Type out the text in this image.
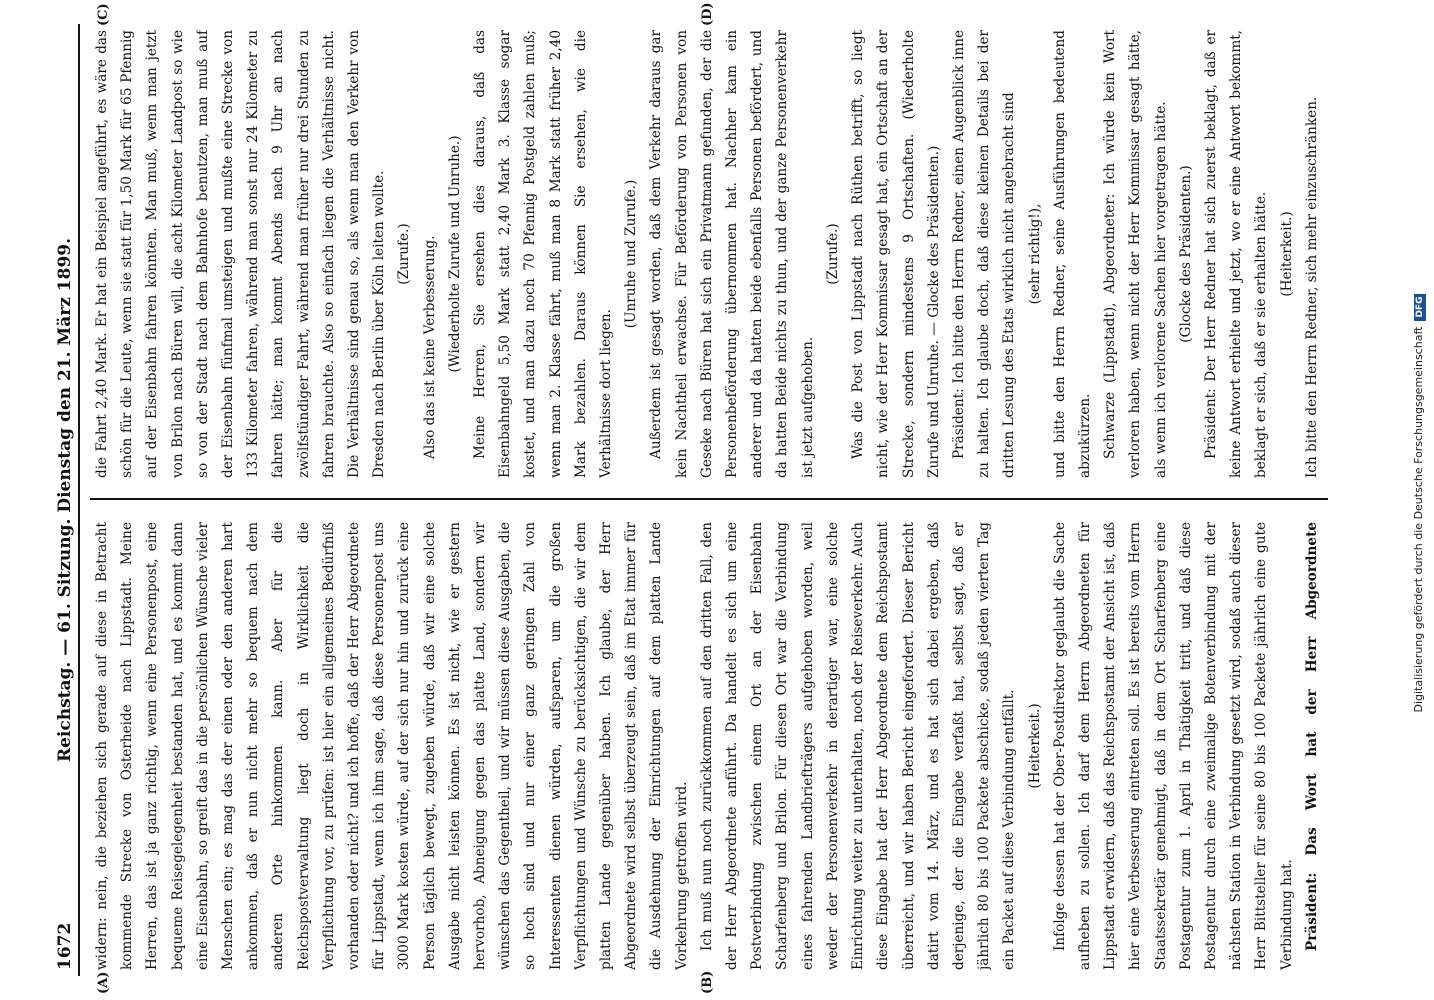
1672
Reichstag. — 61. Sitzung. Dienstag den 21. März 1899.
(A)	(B)
(C)	(D)

widern: nein, die beziehen sich gerade auf diese in Betracht kommende Strecke von Osterheide nach Lippstadt. Meine Herren, das ist ja ganz richtig, wenn eine Personenpost, eine bequeme Reisegelegenheit bestanden hat, und es kommt dann eine Eisenbahn, so greift das in die persönlichen Wünsche vieler Menschen ein; es mag das der einen oder den anderen hart ankommen, daß er nun nicht mehr so bequem nach dem anderen Orte hinkommen kann. Aber für die Reichspostverwaltung liegt doch in Wirklichkeit die Verpflichtung vor, zu prüfen: ist hier ein allgemeines Bedürfniß vorhanden oder nicht? und ich hoffe, daß der Herr Abgeordnete für Lippstadt, wenn ich ihm sage, daß diese Personenpost uns 3000 Mark kosten würde, auf der sich nur hin und zurück eine Person täglich bewegt, zugeben würde, daß wir eine solche Ausgabe nicht leisten können. Es ist nicht, wie er gestern hervorhob, Abneigung gegen das platte Land, sondern wir wünschen das Gegentheil, und wir müssen diese Ausgaben, die so hoch sind und nur einer ganz geringen Zahl von Interessenten dienen würden, aufsparen, um die großen Verpflichtungen und Wünsche zu berücksichtigen, die wir dem platten Lande gegenüber haben. Ich glaube, der Herr Abgeordnete wird selbst überzeugt sein, daß im Etat immer für die Ausdehnung der Einrichtungen auf dem platten Lande Vorkehrung getroffen wird. Ich muß nun noch zurückkommen auf den dritten Fall, den der Herr Abgeordnete anführt. Da handelt es sich um eine Postverbindung zwischen einem Ort an der Eisenbahn Scharfenberg und Brilon. Für diesen Ort war die Verbindung eines fahrenden Landbriefträgers aufgehoben worden, weil weder der Personenverkehr in derartiger war, eine solche Einrichtung weiter zu unterhalten, noch der Reiseverkehr. Auch diese Eingabe hat der Herr Abgeordnete dem Reichspostamt überreicht, und wir haben Bericht eingefordert. Dieser Bericht datirt vom 14. März, und es hat sich dabei ergeben, daß derjenige, der die Eingabe verfaßt hat, selbst sagt, daß er jährlich 80 bis 100 Packete abschicke, sodaß jeden vierten Tag ein Packet auf diese Verbindung entfällt. (Heiterkeit.) Infolge dessen hat der Ober-Postdirektor geglaubt die Sache aufheben zu sollen. Ich darf dem Herrn Abgeordneten für Lippstadt erwidern, daß das Reichspostamt der Ansicht ist, daß hier eine Verbesserung eintreten soll. Es ist bereits vom Herrn Staatssekretär genehmigt, daß in dem Ort Scharfenberg eine Postagentur zum 1. April in Thätigkeit tritt, und daß diese Postagentur durch eine zweimalige Botenverbindung mit der nächsten Station in Verbindung gesetzt wird, sodaß auch dieser Herr Bittsteller für seine 80 bis 100 Packete jährlich eine gute Verbindung hat. Präsident: Das Wort hat der Herr Abgeordnete

die Fahrt 2,40 Mark. Er hat ein Beispiel angeführt, es wäre das schön für die Leute, wenn sie statt für 1,50 Mark für 65 Pfennig auf der Eisenbahn fahren könnten. Man muß, wenn man jetzt von Brilon nach Büren will, die acht Kilometer Landpost so wie so von der Stadt nach dem Bahnhofe benutzen, man muß auf der Eisenbahn fünfmal umsteigen und mußte eine Strecke von 133 Kilometer fahren, während man sonst nur 24 Kilometer zu fahren hätte; man kommt Abends nach 9 Uhr an nach zwölfstündiger Fahrt, während man früher nur drei Stunden zu fahren brauchte. Also so einfach liegen die Verhältnisse nicht. Die Verhältnisse sind genau so, als wenn man den Verkehr von Dresden nach Berlin über Köln leiten wollte. (Zurufe.) Also das ist keine Verbesserung. (Wiederholte Zurufe und Unruhe.) Meine Herren, Sie ersehen dies daraus, daß das Eisenbahngeld 5,50 Mark statt 2,40 Mark 3. Klasse sogar kostet, und man dazu noch 70 Pfennig Postgeld zahlen muß; wenn man 2. Klasse fährt, muß man 8 Mark statt früher 2,40 Mark bezahlen. Daraus können Sie ersehen, wie die Verhältnisse dort liegen.

(Unruhe und Zurufe.) Außerdem ist gesagt worden, daß dem Verkehr daraus gar kein Nachtheil erwachse. Für Beförderung von Personen von Geseke nach Büren hat sich ein Privatmann gefunden, der die Personenbeförderung übernommen hat. Nachher kam ein anderer und da hatten beide ebenfalls Personen befördert, und da hatten Beide nichts zu thun, und der ganze Personenverkehr ist jetzt aufgehoben.

(Zurufe.) Was die Post von Lippstadt nach Rüthen betrifft, so liegt nicht, wie der Herr Kommissar gesagt hat, ein Ortschaft an der Strecke, sondern mindestens 9 Ortschaften. (Wiederholte Zurufe und Unruhe. — Glocke des Präsidenten.) Präsident: Ich bitte den Herrn Redner, einen Augenblick inne zu halten. Ich glaube doch, daß diese kleinen Details bei der dritten Lesung des Etats wirklich nicht angebracht sind (sehr richtig!), und bitte den Herrn Redner, seine Ausführungen bedeutend abzukürzen. Schwarze (Lippstadt), Abgeordneter: Ich würde kein Wort verloren haben, wenn nicht der Herr Kommissar gesagt hätte, als wenn ich verlorene Sachen hier vorgetragen hätte. (Glocke des Präsidenten.) Präsident: Der Herr Redner hat sich zuerst beklagt, daß er keine Antwort erhielte und jetzt, wo er eine Antwort bekommt, beklagt er sich, daß er sie erhalten hätte. (Heiterkeit.) Ich bitte den Herrn Redner, sich mehr einzuschränken.

Digitalisierung gefördert durch die Deutsche ForschungsgemeinschaftDFG
